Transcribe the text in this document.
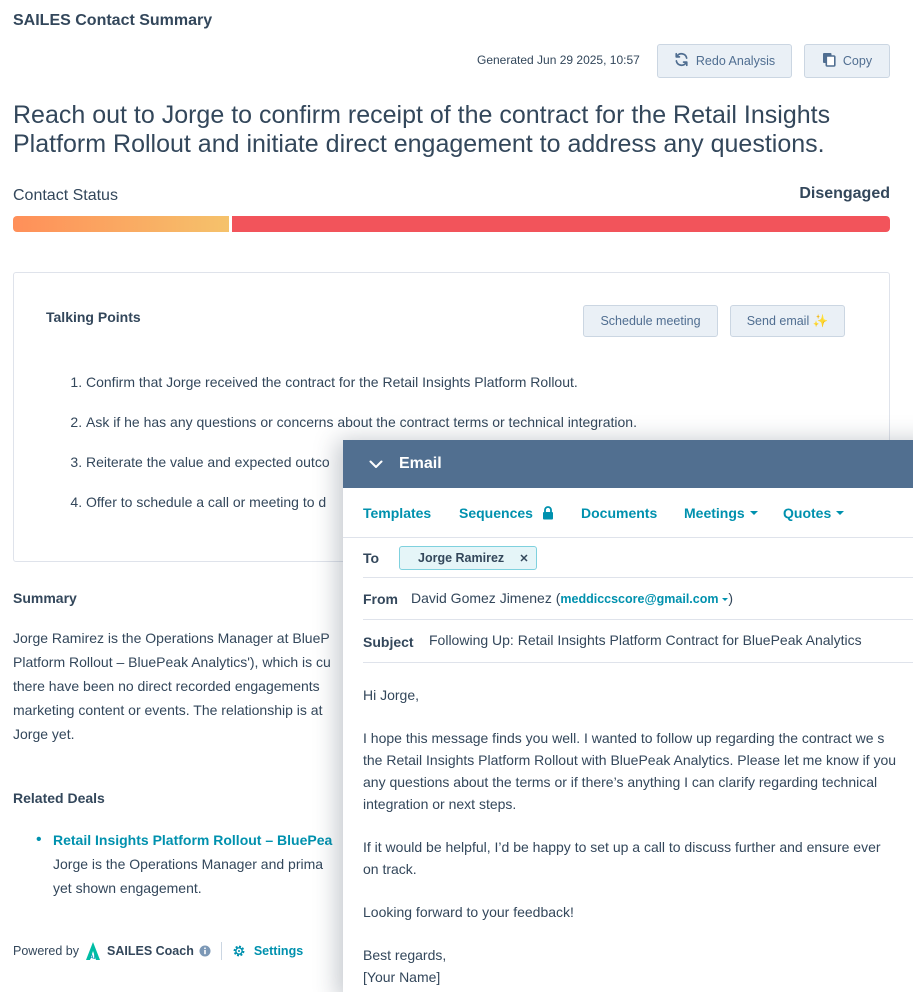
SAILES Contact Summary
Generated Jun 29 2025, 10:57	Redo Analysis	Copy
Reach out to Jorge to confirm receipt of the contract for the Retail Insights Platform Rollout and initiate direct engagement to address any questions.
Contact Status	Disengaged
Talking Points	Schedule meeting	Send email ✨
1. Confirm that Jorge received the contract for the Retail Insights Platform Rollout.
2. Ask if he has any questions or concerns about the contract terms or technical integration.
3. Reiterate the value and expected outco
4. Offer to schedule a call or meeting to d
Summary
Jorge Ramirez is the Operations Manager at BlueP
Platform Rollout – BluePeak Analytics'), which is cu
there have been no direct recorded engagements
marketing content or events. The relationship is at
Jorge yet.
Related Deals
• Retail Insights Platform Rollout – BluePea
Jorge is the Operations Manager and prima
yet shown engagement.
Powered by AI SAILES Coach	Settings
Email
Templates Sequences	Documents Meetings	Quotes
To	Jorge Ramirez
From David Gomez Jimenez (meddiccscore@gmail.com )
Subject Following Up: Retail Insights Platform Contract for BluePeak Analytics

Hi Jorge,

I hope this message finds you well. I wanted to follow up regarding the contract we s
the Retail Insights Platform Rollout with BluePeak Analytics. Please let me know if you
any questions about the terms or if there’s anything I can clarify regarding technical
integration or next steps.

If it would be helpful, I’d be happy to set up a call to discuss further and ensure ever
on track.

Looking forward to your feedback!

Best regards,

[Your Name]
